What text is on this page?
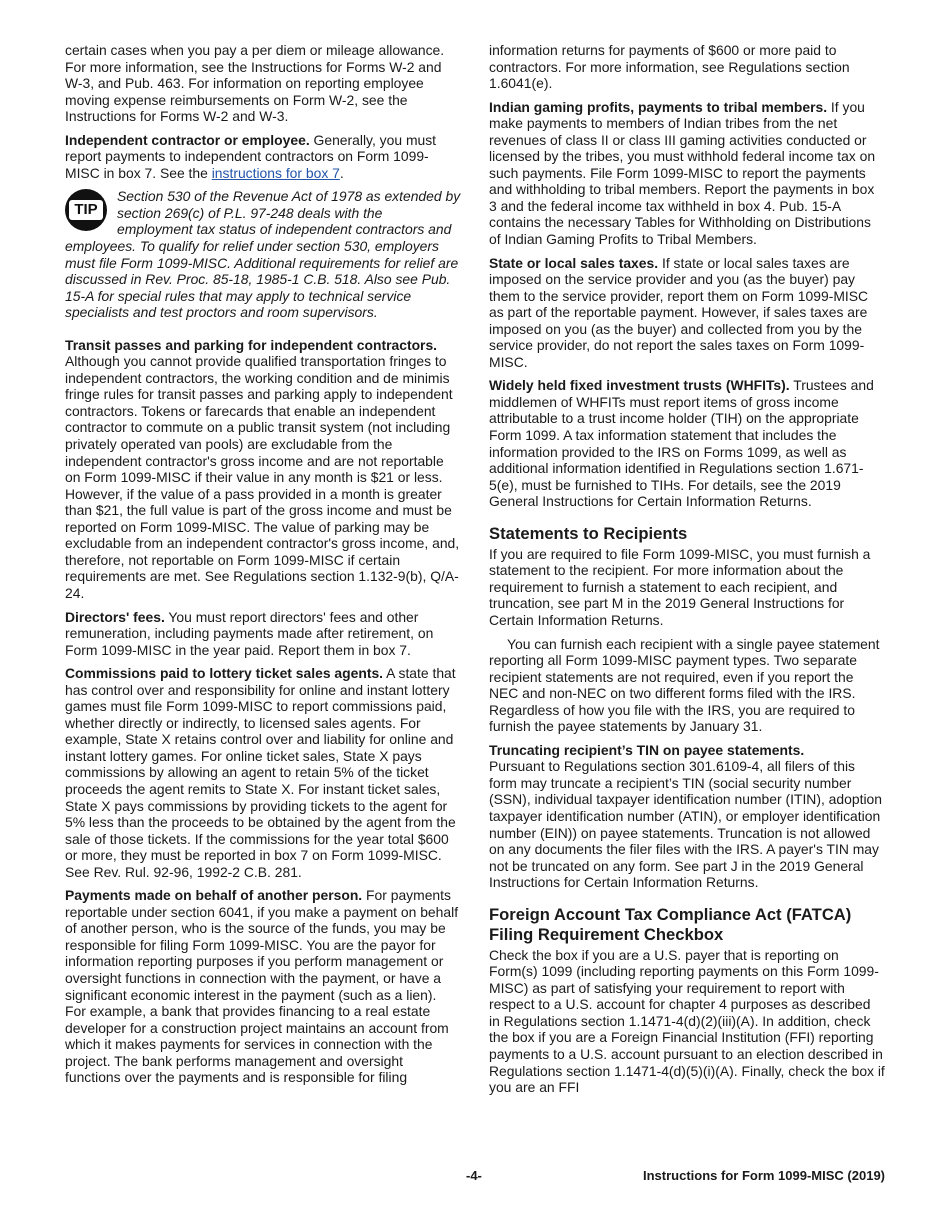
certain cases when you pay a per diem or mileage allowance. For more information, see the Instructions for Forms W-2 and W-3, and Pub. 463. For information on reporting employee moving expense reimbursements on Form W-2, see the Instructions for Forms W-2 and W-3.

Independent contractor or employee. Generally, you must report payments to independent contractors on Form 1099-MISC in box 7. See the instructions for box 7.

TIP
Section 530 of the Revenue Act of 1978 as extended by section 269(c) of P.L. 97-248 deals with the employment tax status of independent contractors and employees. To qualify for relief under section 530, employers must file Form 1099-MISC. Additional requirements for relief are discussed in Rev. Proc. 85-18, 1985-1 C.B. 518. Also see Pub. 15-A for special rules that may apply to technical service specialists and test proctors and room supervisors.

Transit passes and parking for independent contractors. Although you cannot provide qualified transportation fringes to independent contractors, the working condition and de minimis fringe rules for transit passes and parking apply to independent contractors. Tokens or farecards that enable an independent contractor to commute on a public transit system (not including privately operated van pools) are excludable from the independent contractor's gross income and are not reportable on Form 1099-MISC if their value in any month is $21 or less. However, if the value of a pass provided in a month is greater than $21, the full value is part of the gross income and must be reported on Form 1099-MISC. The value of parking may be excludable from an independent contractor's gross income, and, therefore, not reportable on Form 1099-MISC if certain requirements are met. See Regulations section 1.132-9(b), Q/A-24.

Directors' fees. You must report directors' fees and other remuneration, including payments made after retirement, on Form 1099-MISC in the year paid. Report them in box 7.

Commissions paid to lottery ticket sales agents. A state that has control over and responsibility for online and instant lottery games must file Form 1099-MISC to report commissions paid, whether directly or indirectly, to licensed sales agents. For example, State X retains control over and liability for online and instant lottery games. For online ticket sales, State X pays commissions by allowing an agent to retain 5% of the ticket proceeds the agent remits to State X. For instant ticket sales, State X pays commissions by providing tickets to the agent for 5% less than the proceeds to be obtained by the agent from the sale of those tickets. If the commissions for the year total $600 or more, they must be reported in box 7 on Form 1099-MISC. See Rev. Rul. 92-96, 1992-2 C.B. 281.

Payments made on behalf of another person. For payments reportable under section 6041, if you make a payment on behalf of another person, who is the source of the funds, you may be responsible for filing Form 1099-MISC. You are the payor for information reporting purposes if you perform management or oversight functions in connection with the payment, or have a significant economic interest in the payment (such as a lien). For example, a bank that provides financing to a real estate developer for a construction project maintains an account from which it makes payments for services in connection with the project. The bank performs management and oversight functions over the payments and is responsible for filing

information returns for payments of $600 or more paid to contractors. For more information, see Regulations section 1.6041(e).

Indian gaming profits, payments to tribal members. If you make payments to members of Indian tribes from the net revenues of class II or class III gaming activities conducted or licensed by the tribes, you must withhold federal income tax on such payments. File Form 1099-MISC to report the payments and withholding to tribal members. Report the payments in box 3 and the federal income tax withheld in box 4. Pub. 15-A contains the necessary Tables for Withholding on Distributions of Indian Gaming Profits to Tribal Members.

State or local sales taxes. If state or local sales taxes are imposed on the service provider and you (as the buyer) pay them to the service provider, report them on Form 1099-MISC as part of the reportable payment. However, if sales taxes are imposed on you (as the buyer) and collected from you by the service provider, do not report the sales taxes on Form 1099-MISC.

Widely held fixed investment trusts (WHFITs). Trustees and middlemen of WHFITs must report items of gross income attributable to a trust income holder (TIH) on the appropriate Form 1099. A tax information statement that includes the information provided to the IRS on Forms 1099, as well as additional information identified in Regulations section 1.671-5(e), must be furnished to TIHs. For details, see the 2019 General Instructions for Certain Information Returns.

Statements to Recipients

If you are required to file Form 1099-MISC, you must furnish a statement to the recipient. For more information about the requirement to furnish a statement to each recipient, and truncation, see part M in the 2019 General Instructions for Certain Information Returns.

You can furnish each recipient with a single payee statement reporting all Form 1099-MISC payment types. Two separate recipient statements are not required, even if you report the NEC and non-NEC on two different forms filed with the IRS. Regardless of how you file with the IRS, you are required to furnish the payee statements by January 31.

Truncating recipient’s TIN on payee statements.
Pursuant to Regulations section 301.6109-4, all filers of this form may truncate a recipient’s TIN (social security number (SSN), individual taxpayer identification number (ITIN), adoption taxpayer identification number (ATIN), or employer identification number (EIN)) on payee statements. Truncation is not allowed on any documents the filer files with the IRS. A payer's TIN may not be truncated on any form. See part J in the 2019 General Instructions for Certain Information Returns.

Foreign Account Tax Compliance Act (FATCA) Filing Requirement Checkbox

Check the box if you are a U.S. payer that is reporting on Form(s) 1099 (including reporting payments on this Form 1099-MISC) as part of satisfying your requirement to report with respect to a U.S. account for chapter 4 purposes as described in Regulations section 1.1471-4(d)(2)(iii)(A). In addition, check the box if you are a Foreign Financial Institution (FFI) reporting payments to a U.S. account pursuant to an election described in Regulations section 1.1471-4(d)(5)(i)(A). Finally, check the box if you are an FFI

-4-	Instructions for Form 1099-MISC (2019)
